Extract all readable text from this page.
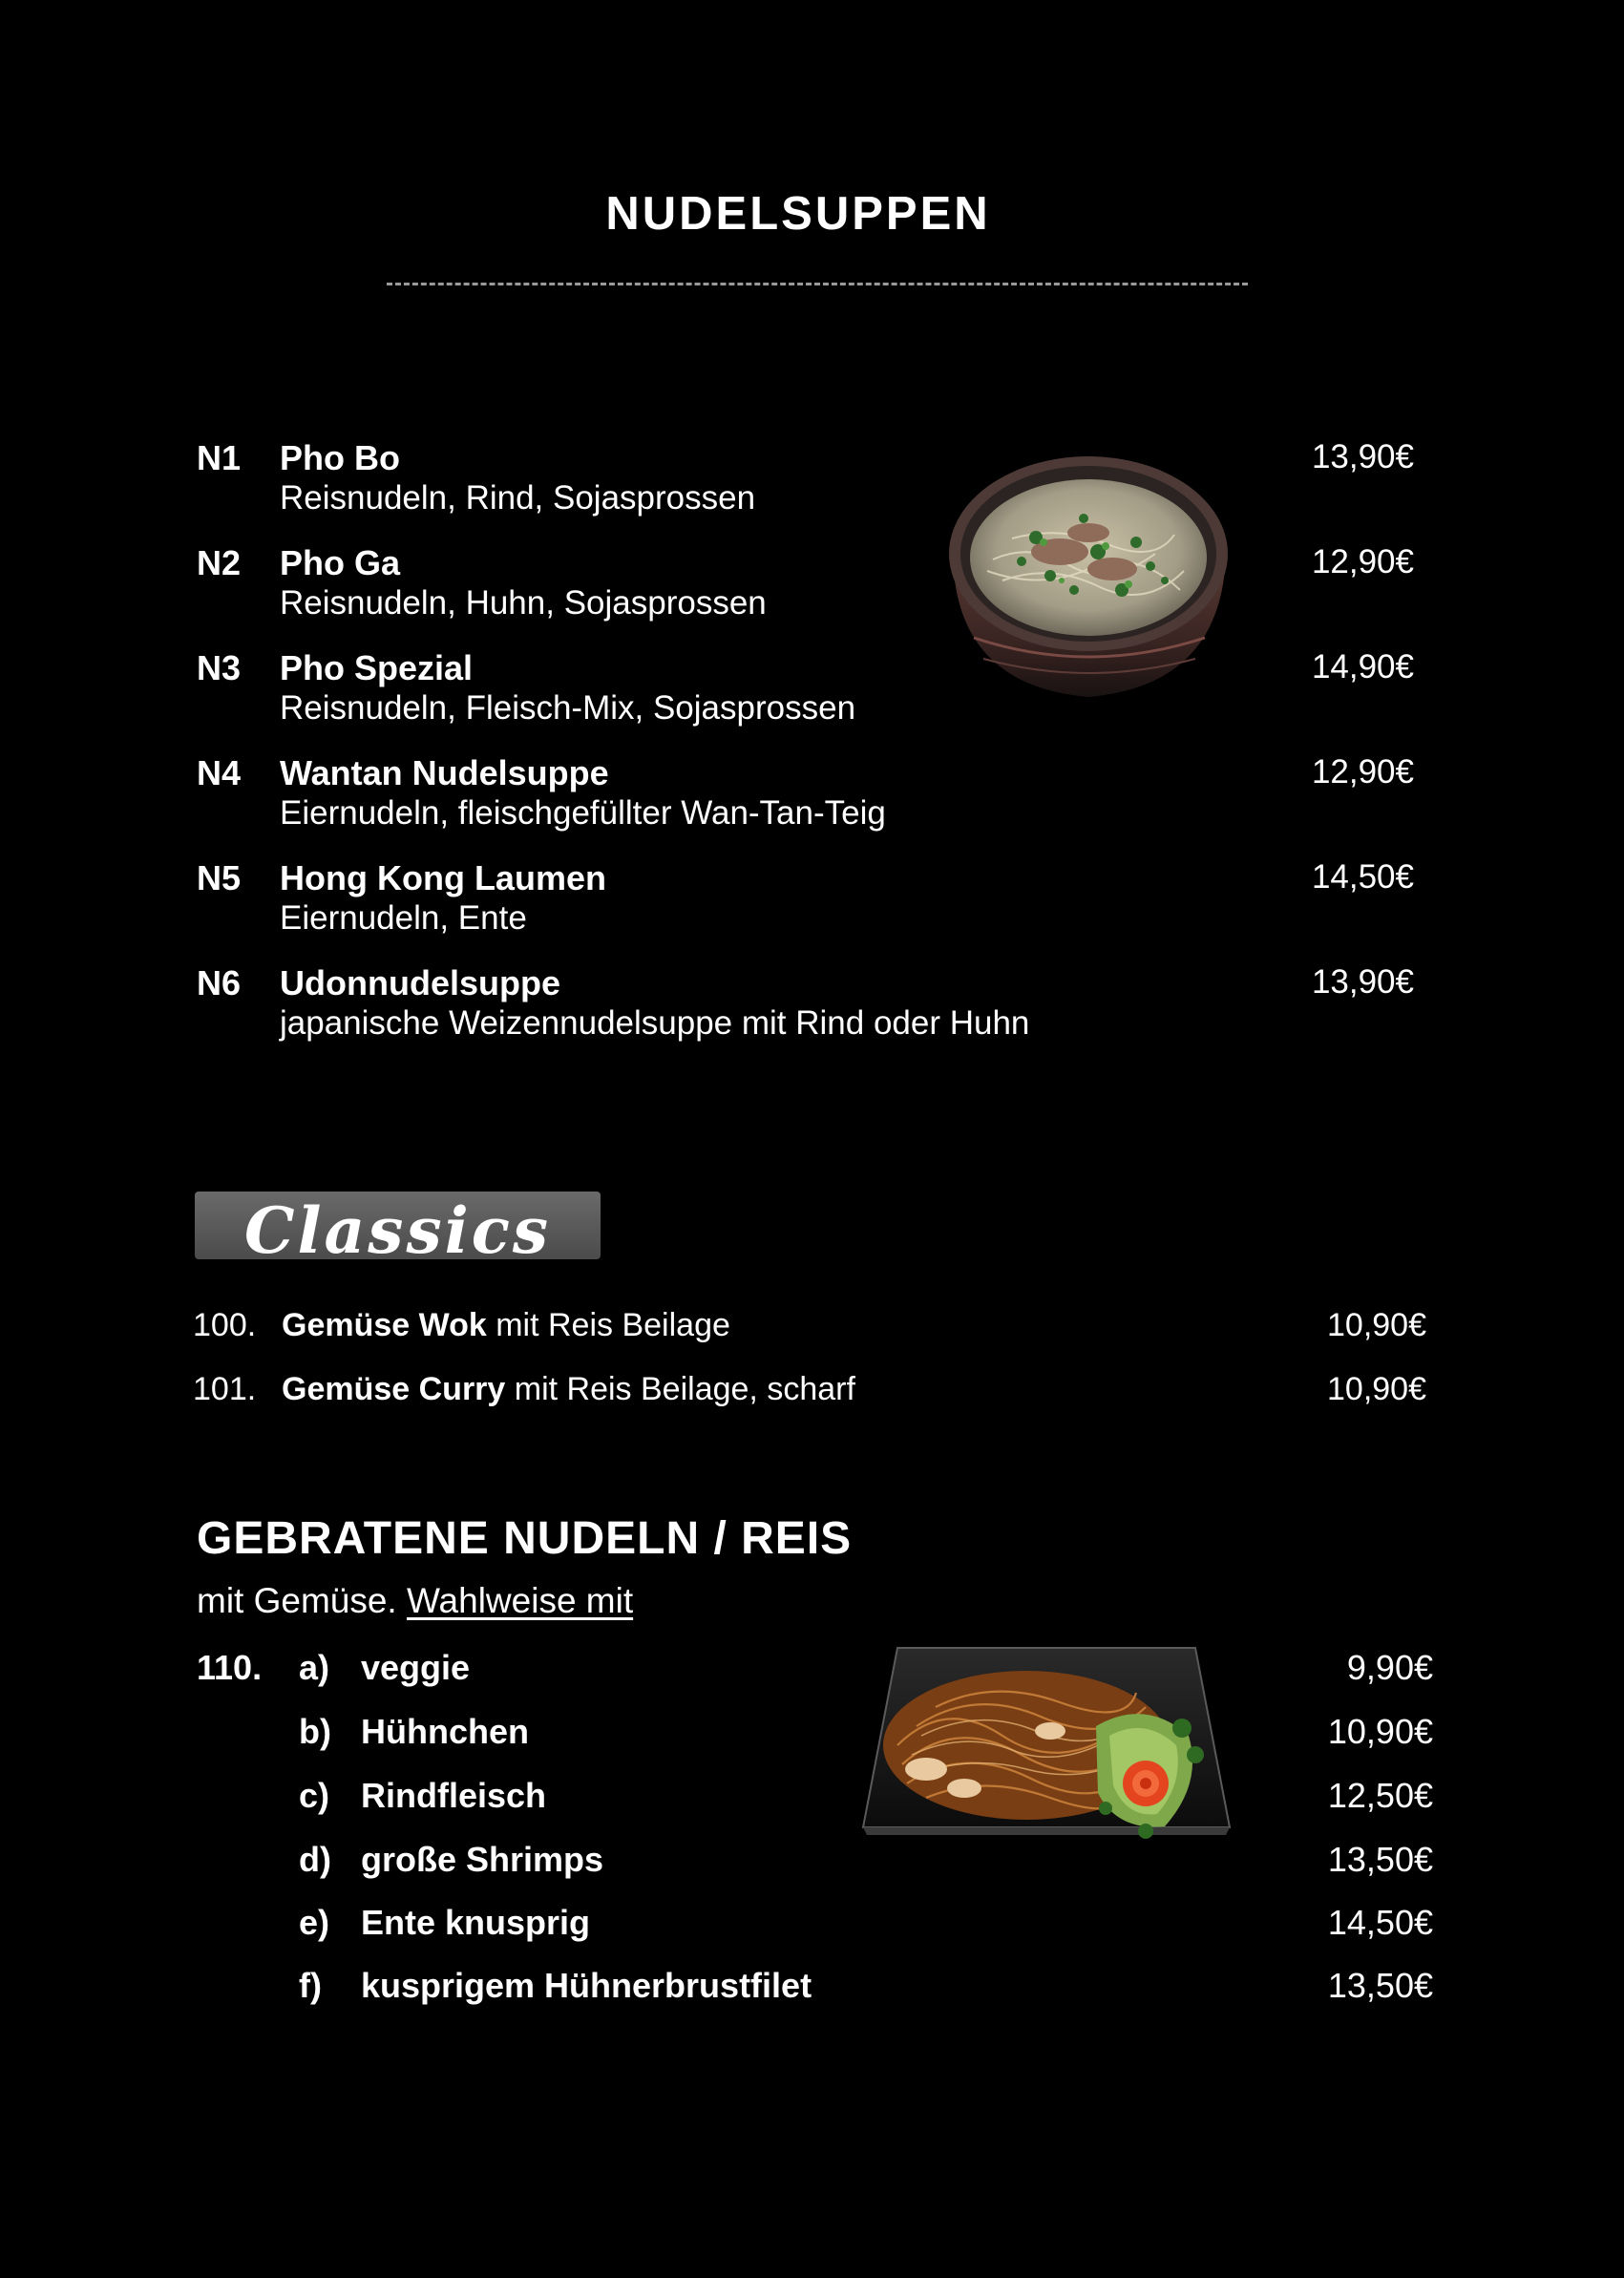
NUDELSUPPEN
N1 Pho Bo
Reisnudeln, Rind, Sojasprossen
13,90€
N2 Pho Ga
Reisnudeln, Huhn, Sojasprossen
12,90€
N3 Pho Spezial
Reisnudeln, Fleisch-Mix, Sojasprossen
14,90€
N4 Wantan Nudelsuppe
Eiernudeln, fleischgefüllter Wan-Tan-Teig
12,90€
N5 Hong Kong Laumen
Eiernudeln, Ente
14,50€
N6 Udonnudelsuppe
japanische Weizennudelsuppe mit Rind oder Huhn
13,90€
Classics
100. Gemüse Wok mit Reis Beilage	10,90€
101. Gemüse Curry mit Reis Beilage, scharf	10,90€
GEBRATENE NUDELN / REIS
mit Gemüse. Wahlweise mit
110. a) veggie	9,90€
b) Hühnchen	10,90€
c) Rindfleisch	12,50€
d) große Shrimps	13,50€
e) Ente knusprig	14,50€
f) kusprigem Hühnerbrustfilet	13,50€
